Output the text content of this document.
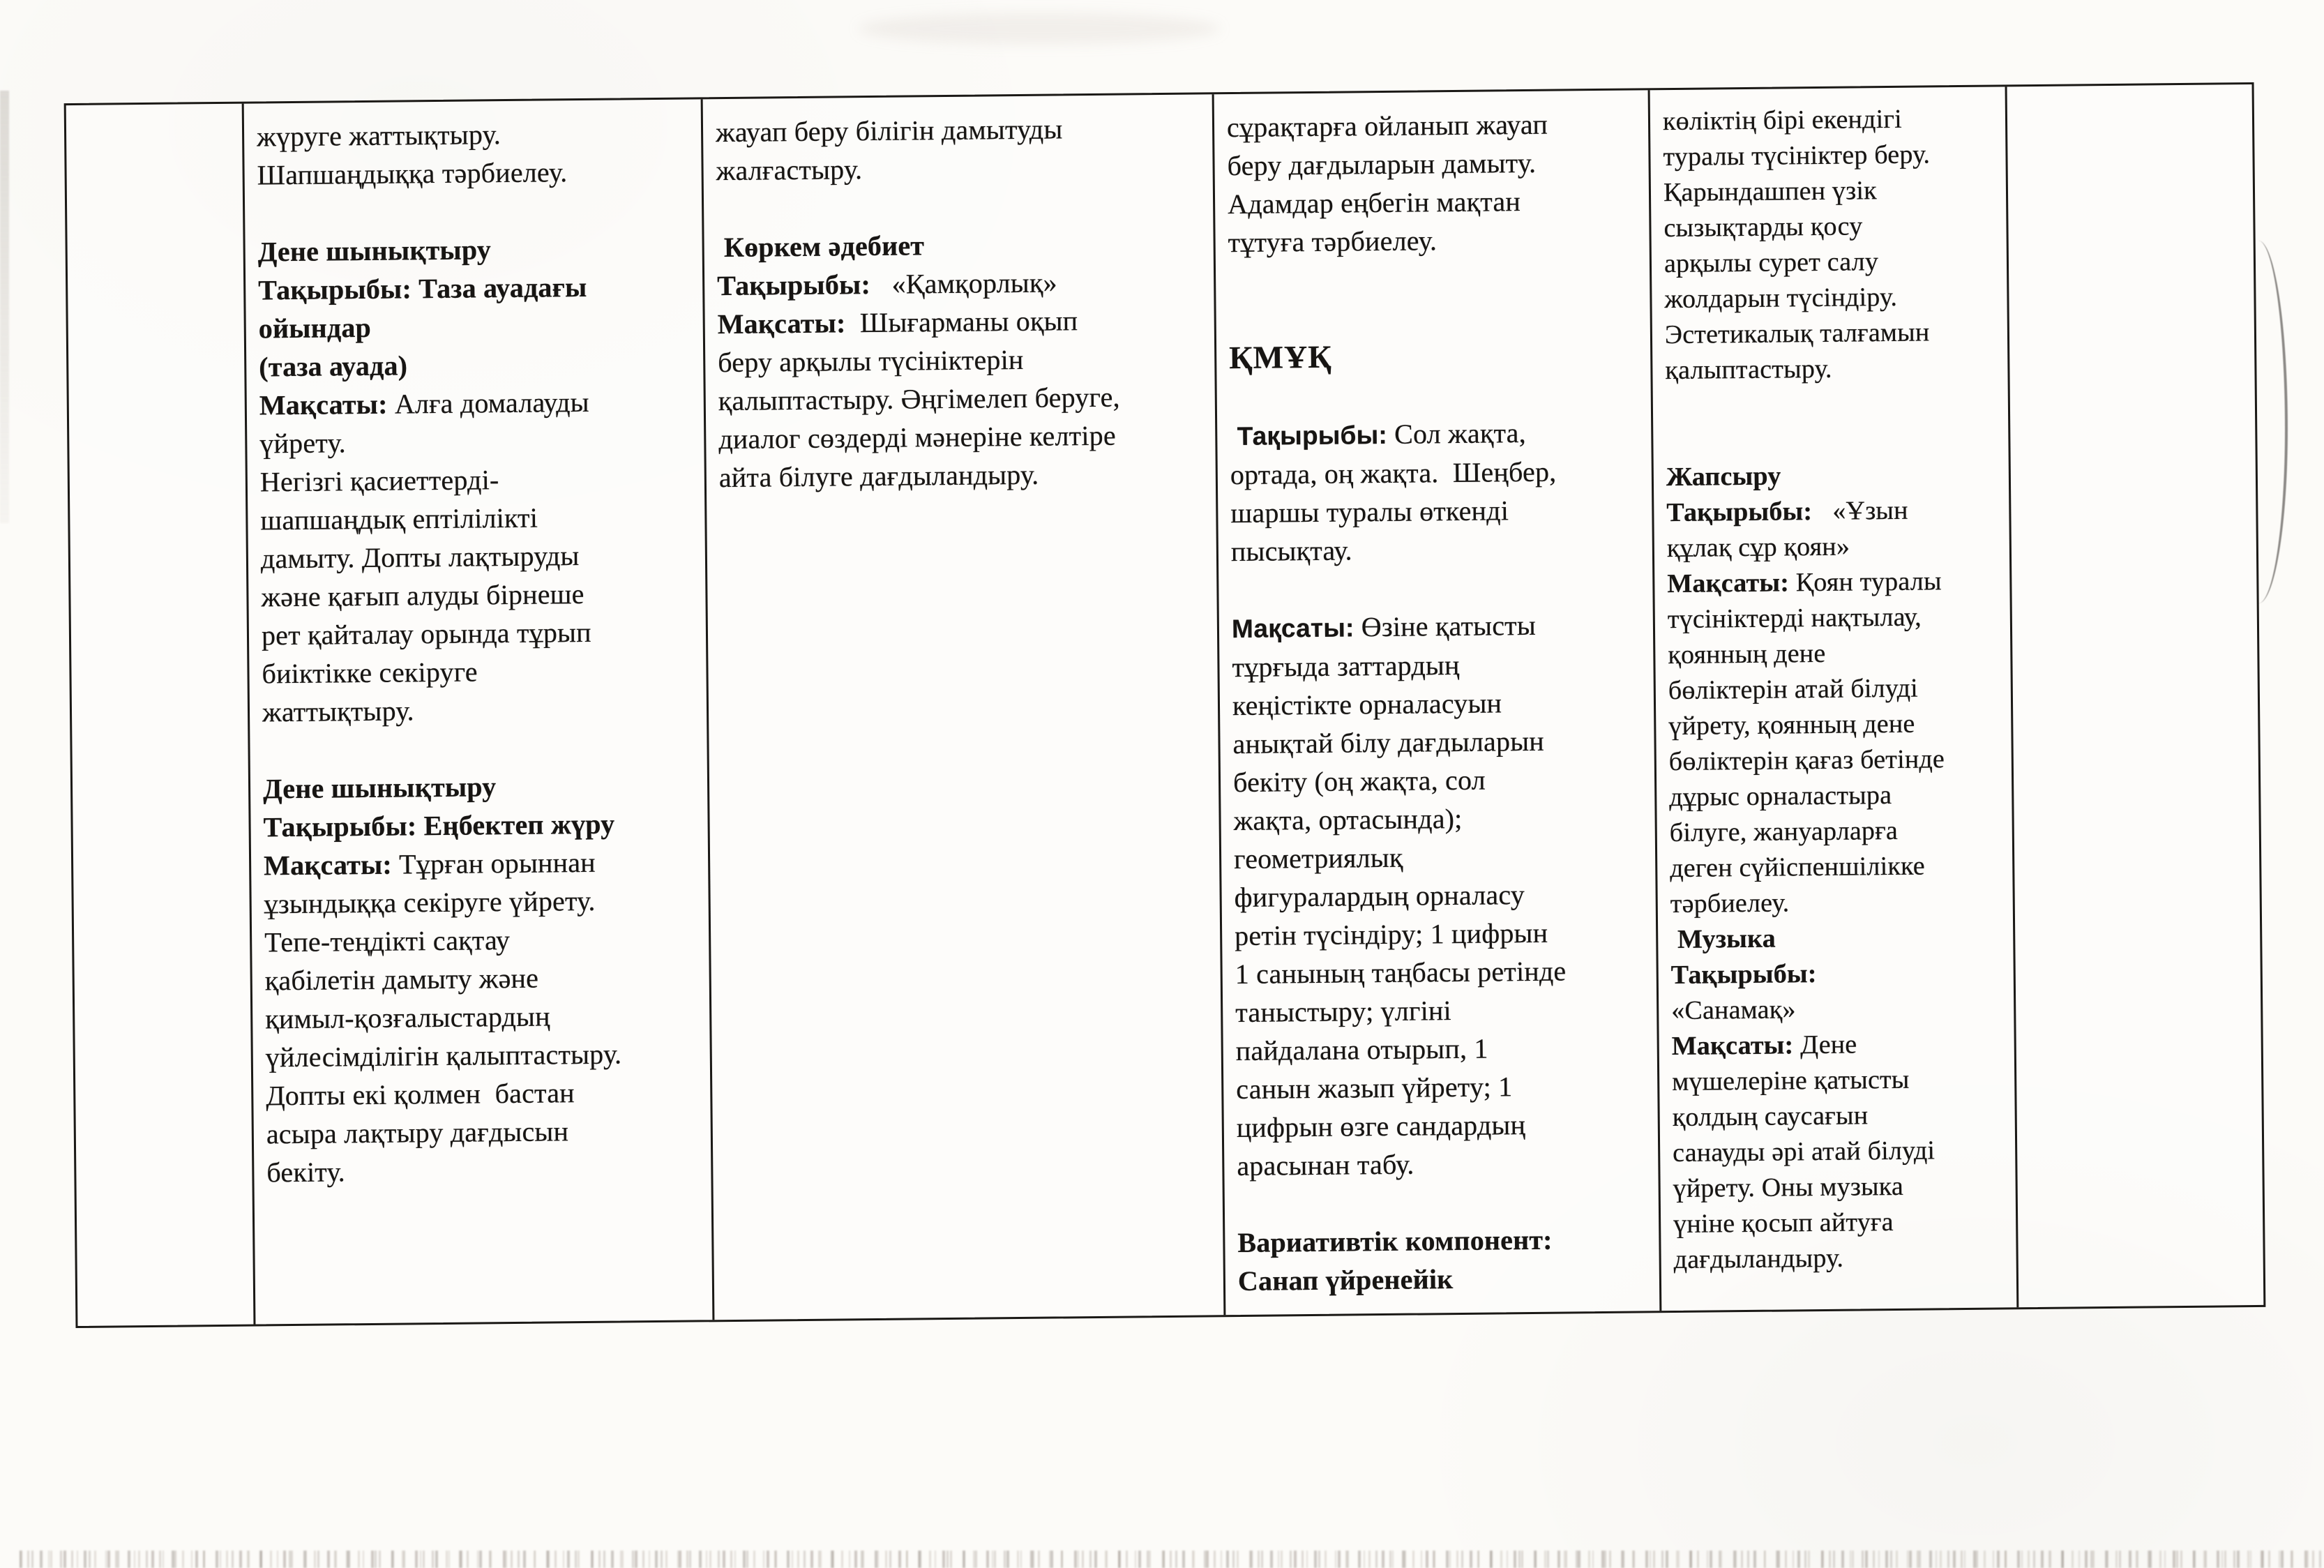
жүруге жаттықтыру.
Шапшаңдыққа тәрбиелеу.

Дене шынықтыру
Тақырыбы: Таза ауадағы
ойындар
(таза ауада)
Мақсаты: Алға домалауды
үйрету.
Негізгі қасиеттерді-
шапшаңдық ептілілікті
дамыту. Допты лақтыруды
және қағып алуды бірнеше
рет қайталау орында тұрып
биіктікке секіруге
жаттықтыру.

Дене шынықтыру
Тақырыбы: Еңбектеп жүру
Мақсаты: Тұрған орыннан
ұзындыққа секіруге үйрету.
Тепе-теңдікті сақтау
қабілетін дамыту және
қимыл-қозғалыстардың
үйлесімділігін қалыптастыру.
Допты екі қолмен  бастан
асыра лақтыру дағдысын
бекіту.
жауап беру білігін дамытуды
жалғастыру.

Көркем әдебиет
Тақырыбы:   «Қамқорлық»
Мақсаты:  Шығарманы оқып
беру арқылы түсініктерін
қалыптастыру. Әңгімелеп беруге,
диалог сөздерді мәнеріне келтіре
айта білуге дағдыландыру.
сұрақтарға ойланып жауап
беру дағдыларын дамыту.
Адамдар еңбегін мақтан
тұтуға тәрбиелеу.

ҚМҰҚ

Тақырыбы: Сол жақта,
ортада, оң жақта.  Шеңбер,
шаршы туралы өткенді
пысықтау.

Мақсаты: Өзіне қатысты
тұрғыда заттардың
кеңістікте орналасуын
анықтай білу дағдыларын
бекіту (оң жақта, сол
жақта, ортасында);
геометриялық
фигуралардың орналасу
ретін түсіндіру; 1 цифрын
1 санының таңбасы ретінде
таныстыру; үлгіні
пайдалана отырып, 1
санын жазып үйрету; 1
цифрын өзге сандардың
арасынан табу.

Вариативтік компонент:
Санап үйренейік
көліктің бірі екендігі
туралы түсініктер беру.
Қарындашпен үзік
сызықтарды қосу
арқылы сурет салу
жолдарын түсіндіру.
Эстетикалық талғамын
қалыптастыру.

Жапсыру
Тақырыбы:   «Ұзын
құлақ сұр қоян»
Мақсаты: Қоян туралы
түсініктерді нақтылау,
қоянның дене
бөліктерін атай білуді
үйрету, қоянның дене
бөліктерін қағаз бетінде
дұрыс орналастыра
білуге, жануарларға
деген сүйіспеншілікке
тәрбиелеу.
Музыка
Тақырыбы:
«Санамақ»
Мақсаты: Дене
мүшелеріне қатысты
қолдың саусағын
санауды әрі атай білуді
үйрету. Оны музыка
үніне қосып айтуға
дағдыландыру.
